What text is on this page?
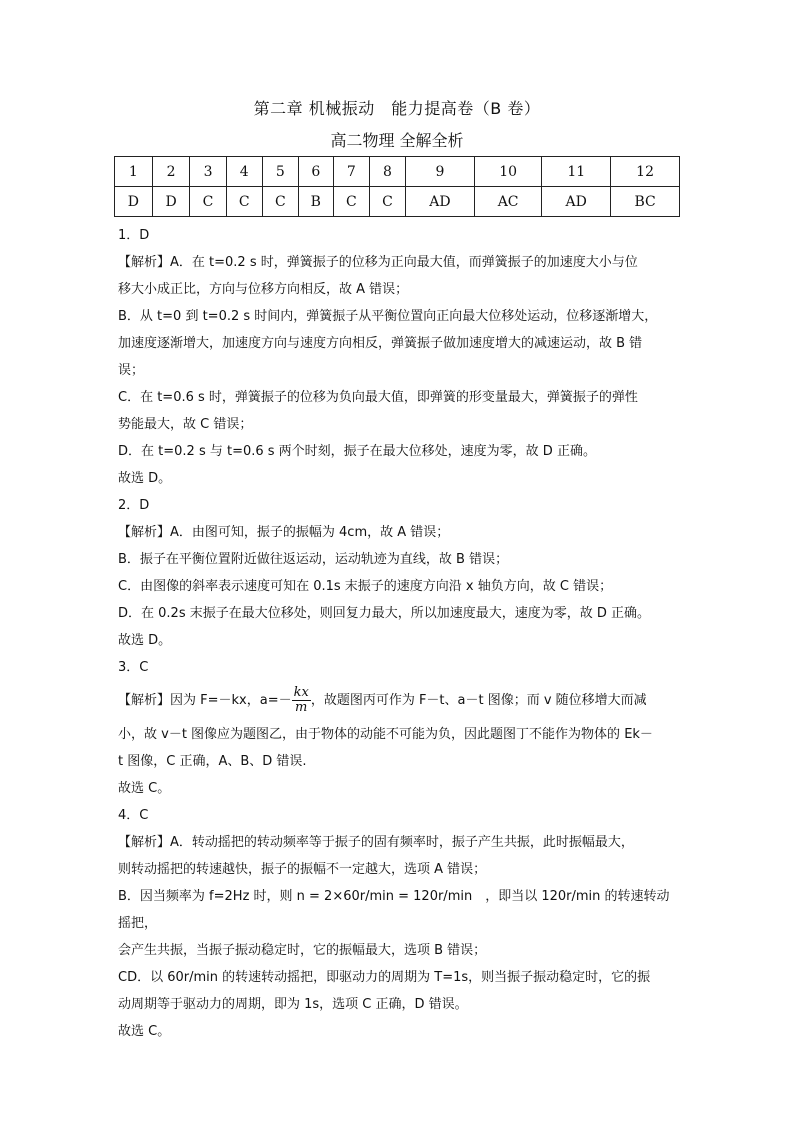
第二章 机械振动　能力提高卷（B 卷）
高二物理 全解全析
1	2	3	4	5	6	7	8	9	10	11	12
D	D	C	C	C	B	C	C	AD	AC	AD	BC

1．D

【解析】A．在 t=0.2 s 时，弹簧振子的位移为正向最大值，而弹簧振子的加速度大小与位

移大小成正比，方向与位移方向相反，故 A 错误；

B．从 t=0 到 t=0.2 s 时间内，弹簧振子从平衡位置向正向最大位移处运动，位移逐渐增大，

加速度逐渐增大，加速度方向与速度方向相反，弹簧振子做加速度增大的减速运动，故 B 错

误；

C．在 t=0.6 s 时，弹簧振子的位移为负向最大值，即弹簧的形变量最大，弹簧振子的弹性

势能最大，故 C 错误；

D．在 t=0.2 s 与 t=0.6 s 两个时刻，振子在最大位移处，速度为零，故 D 正确。

故选 D。

2．D

【解析】A．由图可知，振子的振幅为 4cm，故 A 错误；

B．振子在平衡位置附近做往返运动，运动轨迹为直线，故 B 错误；

C．由图像的斜率表示速度可知在 0.1s 末振子的速度方向沿 x 轴负方向，故 C 错误；

D．在 0.2s 末振子在最大位移处，则回复力最大，所以加速度最大，速度为零，故 D 正确。

故选 D。

3．C

【解析】因为 F=－kx，$a=- \frac{kx}{m}$ ，故题图丙可作为 F－t、a－t 图像；而 v 随位移增大而减

小，故 v－t 图像应为题图乙，由于物体的动能不可能为负，因此题图丁不能作为物体的 Ek－

t 图像，C 正确，A、B、D 错误.

故选 C。

4．C

【解析】A．转动摇把的转动频率等于振子的固有频率时，振子产生共振，此时振幅最大，

则转动摇把的转速越快，振子的振幅不一定越大，选项 A 错误；

B．因当频率为 f=2Hz 时，则 n = 2×60r/min = 120r/min　，即当以 120r/min 的转速转动摇把，

会产生共振，当振子振动稳定时，它的振幅最大，选项 B 错误；

CD．以 60r/min 的转速转动摇把，即驱动力的周期为 T=1s，则当振子振动稳定时，它的振

动周期等于驱动力的周期，即为 1s，选项 C 正确，D 错误。

故选 C。
